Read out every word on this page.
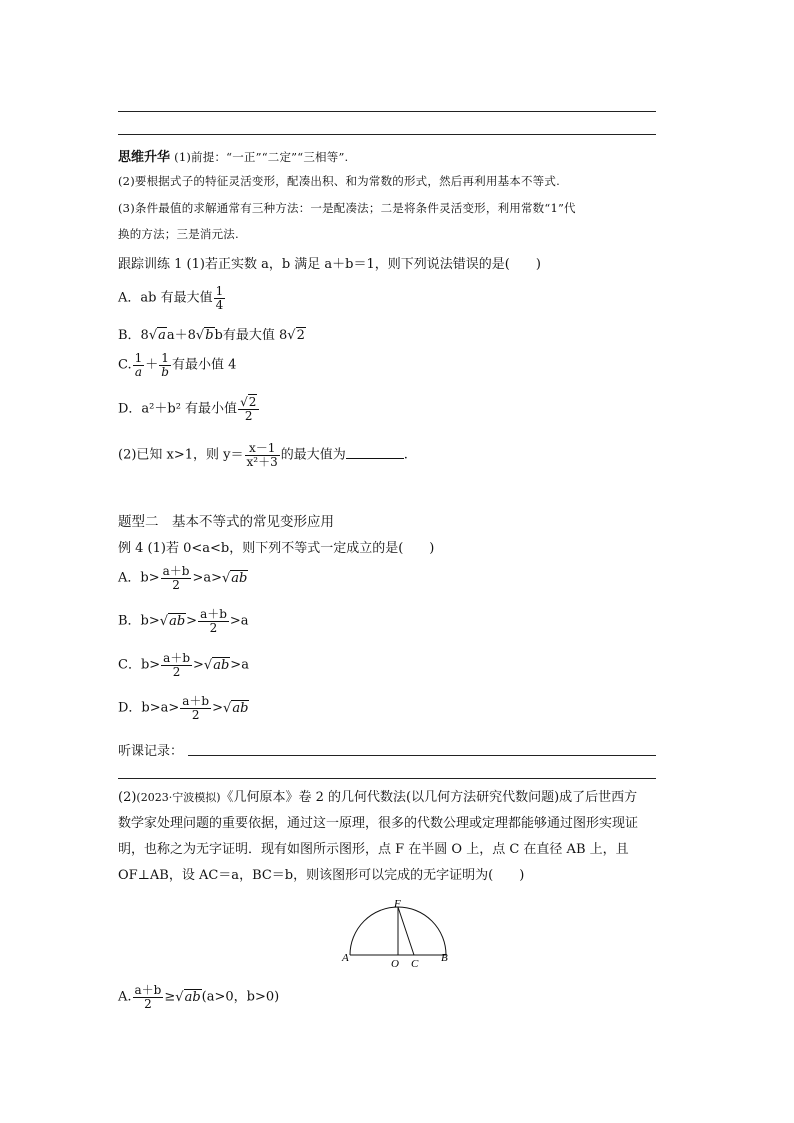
思维升华 (1)前提：“一正”“二定”“三相等”.
(2)要根据式子的特征灵活变形，配凑出积、和为常数的形式，然后再利用基本不等式.
(3)条件最值的求解通常有三种方法：一是配凑法；二是将条件灵活变形，利用常数“1”代
换的方法；三是消元法.
跟踪训练 1 (1)若正实数 a，b 满足 a＋b＝1，则下列说法错误的是(　　)
A．ab 有最大值 $\frac{1}{4}$
B．8√aa＋8√bb有最大值 8√2
C. $\frac{1}{a} + \frac{1}{b}$ 有最小值 4
D．a²＋b² 有最小值 $\frac{√2}{2}$
(2)已知 x>1，则 $y= \frac{x-1}{\text{x²＋3}}$ 的最大值为	.
题型二　基本不等式的常见变形应用
例 4 (1)若 0<a<b，则下列不等式一定成立的是(　　)
A．$b> \frac{a+b}{2} >a>√ab$
B．$b>√ab> \frac{a+b}{2} >a$
C．$b> \frac{a+b}{2} >√ab>a$
D．$b>a> \frac{a+b}{2} >√ab$
听课记录：
(2)(2023·宁波模拟)《几何原本》卷 2 的几何代数法(以几何方法研究代数问题)成了后世西方
数学家处理问题的重要依据，通过这一原理，很多的代数公理或定理都能够通过图形实现证
明，也称之为无字证明．现有如图所示图形，点 F 在半圆 O 上，点 C 在直径 AB 上，且
OF⊥AB，设 AC＝a，BC＝b，则该图形可以完成的无字证明为(　　)
F
A	O C B
A. $\frac{a+b}{2} \ge√ab(a>0$，b>0)
